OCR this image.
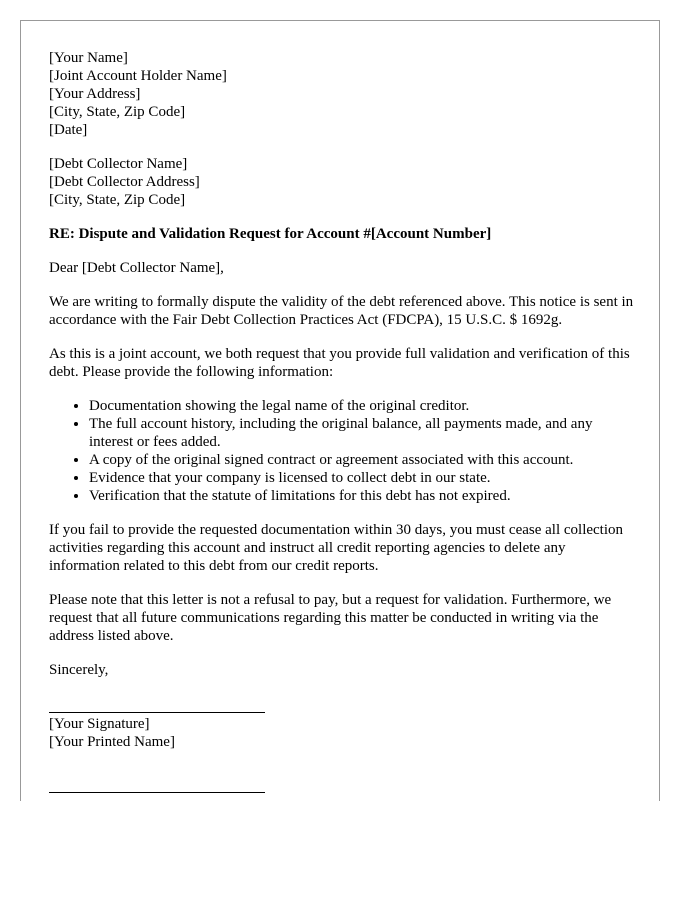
[Your Name]
[Joint Account Holder Name]
[Your Address]
[City, State, Zip Code]
[Date]
[Debt Collector Name]
[Debt Collector Address]
[City, State, Zip Code]

RE: Dispute and Validation Request for Account #[Account Number]

Dear [Debt Collector Name],

We are writing to formally dispute the validity of the debt referenced above. This notice is sent in accordance with the Fair Debt Collection Practices Act (FDCPA), 15 U.S.C. $ 1692g.

As this is a joint account, we both request that you provide full validation and verification of this debt. Please provide the following information:

• Documentation showing the legal name of the original creditor.
• The full account history, including the original balance, all payments made, and any interest or fees added.
• A copy of the original signed contract or agreement associated with this account.
• Evidence that your company is licensed to collect debt in our state.
• Verification that the statute of limitations for this debt has not expired.

If you fail to provide the requested documentation within 30 days, you must cease all collection activities regarding this account and instruct all credit reporting agencies to delete any information related to this debt from our credit reports.

Please note that this letter is not a refusal to pay, but a request for validation. Furthermore, we request that all future communications regarding this matter be conducted in writing via the address listed above.

Sincerely,

[Your Signature]
[Your Printed Name]
